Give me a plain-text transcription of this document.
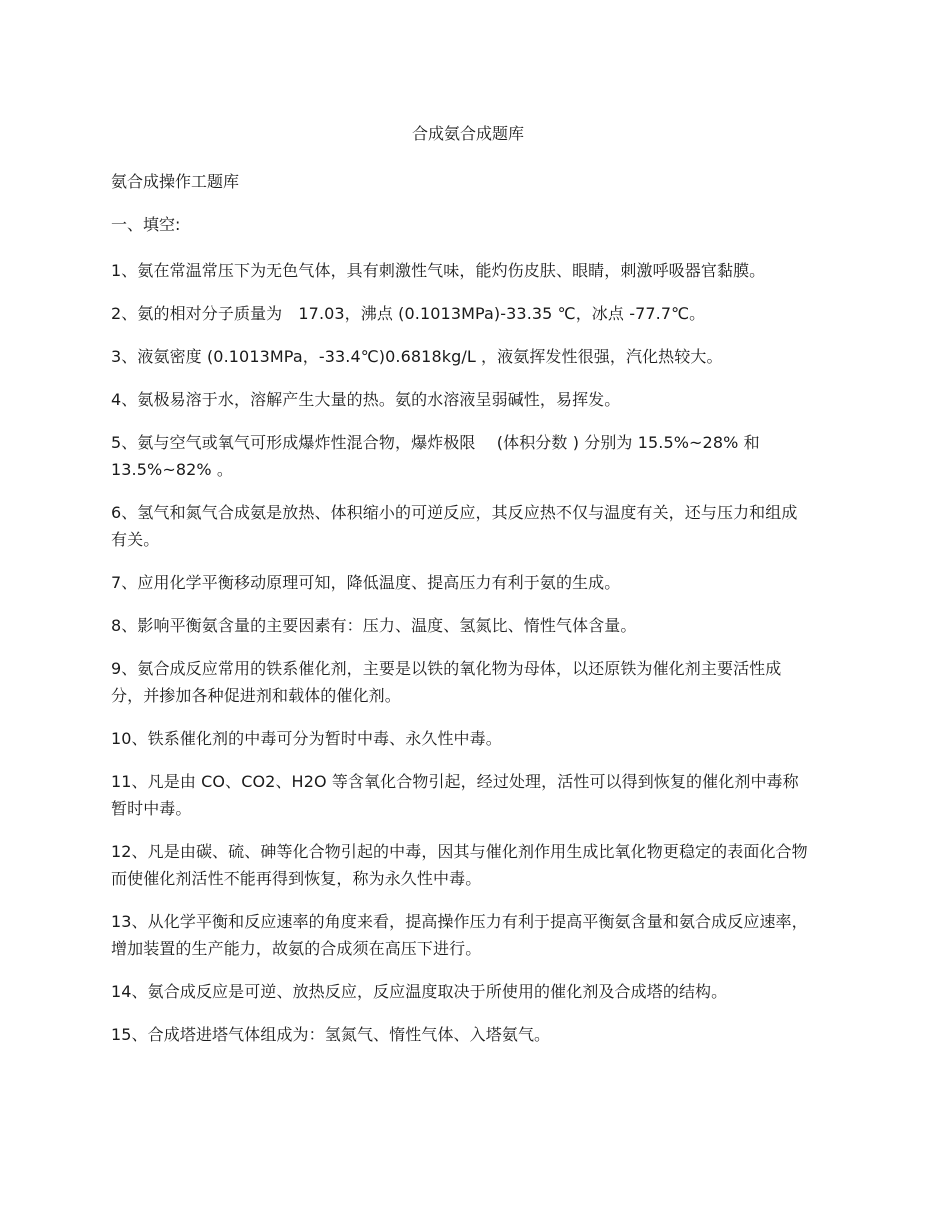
合成氨合成题库
氨合成操作工题库
一、填空:
1、氨在常温常压下为无色气体，具有刺激性气味，能灼伤皮肤、眼睛，刺激呼吸器官黏膜。
2、氨的相对分子质量为　17.03，沸点 (0.1013MPa)-33.35 ℃，冰点 -77.7℃。
3、液氨密度 (0.1013MPa，-33.4℃)0.6818kg/L ，液氨挥发性很强，汽化热较大。
4、氨极易溶于水，溶解产生大量的热。氨的水溶液呈弱碱性，易挥发。
5、氨与空气或氧气可形成爆炸性混合物，爆炸极限　 (体积分数 ) 分别为 15.5%~28% 和 13.5%~82% 。
6、氢气和氮气合成氨是放热、体积缩小的可逆反应，其反应热不仅与温度有关，还与压力和组成有关。
7、应用化学平衡移动原理可知，降低温度、提高压力有利于氨的生成。
8、影响平衡氨含量的主要因素有：压力、温度、氢氮比、惰性气体含量。
9、氨合成反应常用的铁系催化剂，主要是以铁的氧化物为母体，以还原铁为催化剂主要活性成分，并掺加各种促进剂和载体的催化剂。
10、铁系催化剂的中毒可分为暂时中毒、永久性中毒。
11、凡是由 CO、CO2、H2O 等含氧化合物引起，经过处理，活性可以得到恢复的催化剂中毒称暂时中毒。
12、凡是由碳、硫、砷等化合物引起的中毒，因其与催化剂作用生成比氧化物更稳定的表面化合物而使催化剂活性不能再得到恢复，称为永久性中毒。
13、从化学平衡和反应速率的角度来看，提高操作压力有利于提高平衡氨含量和氨合成反应速率，增加装置的生产能力，故氨的合成须在高压下进行。
14、氨合成反应是可逆、放热反应，反应温度取决于所使用的催化剂及合成塔的结构。
15、合成塔进塔气体组成为：氢氮气、惰性气体、入塔氨气。
